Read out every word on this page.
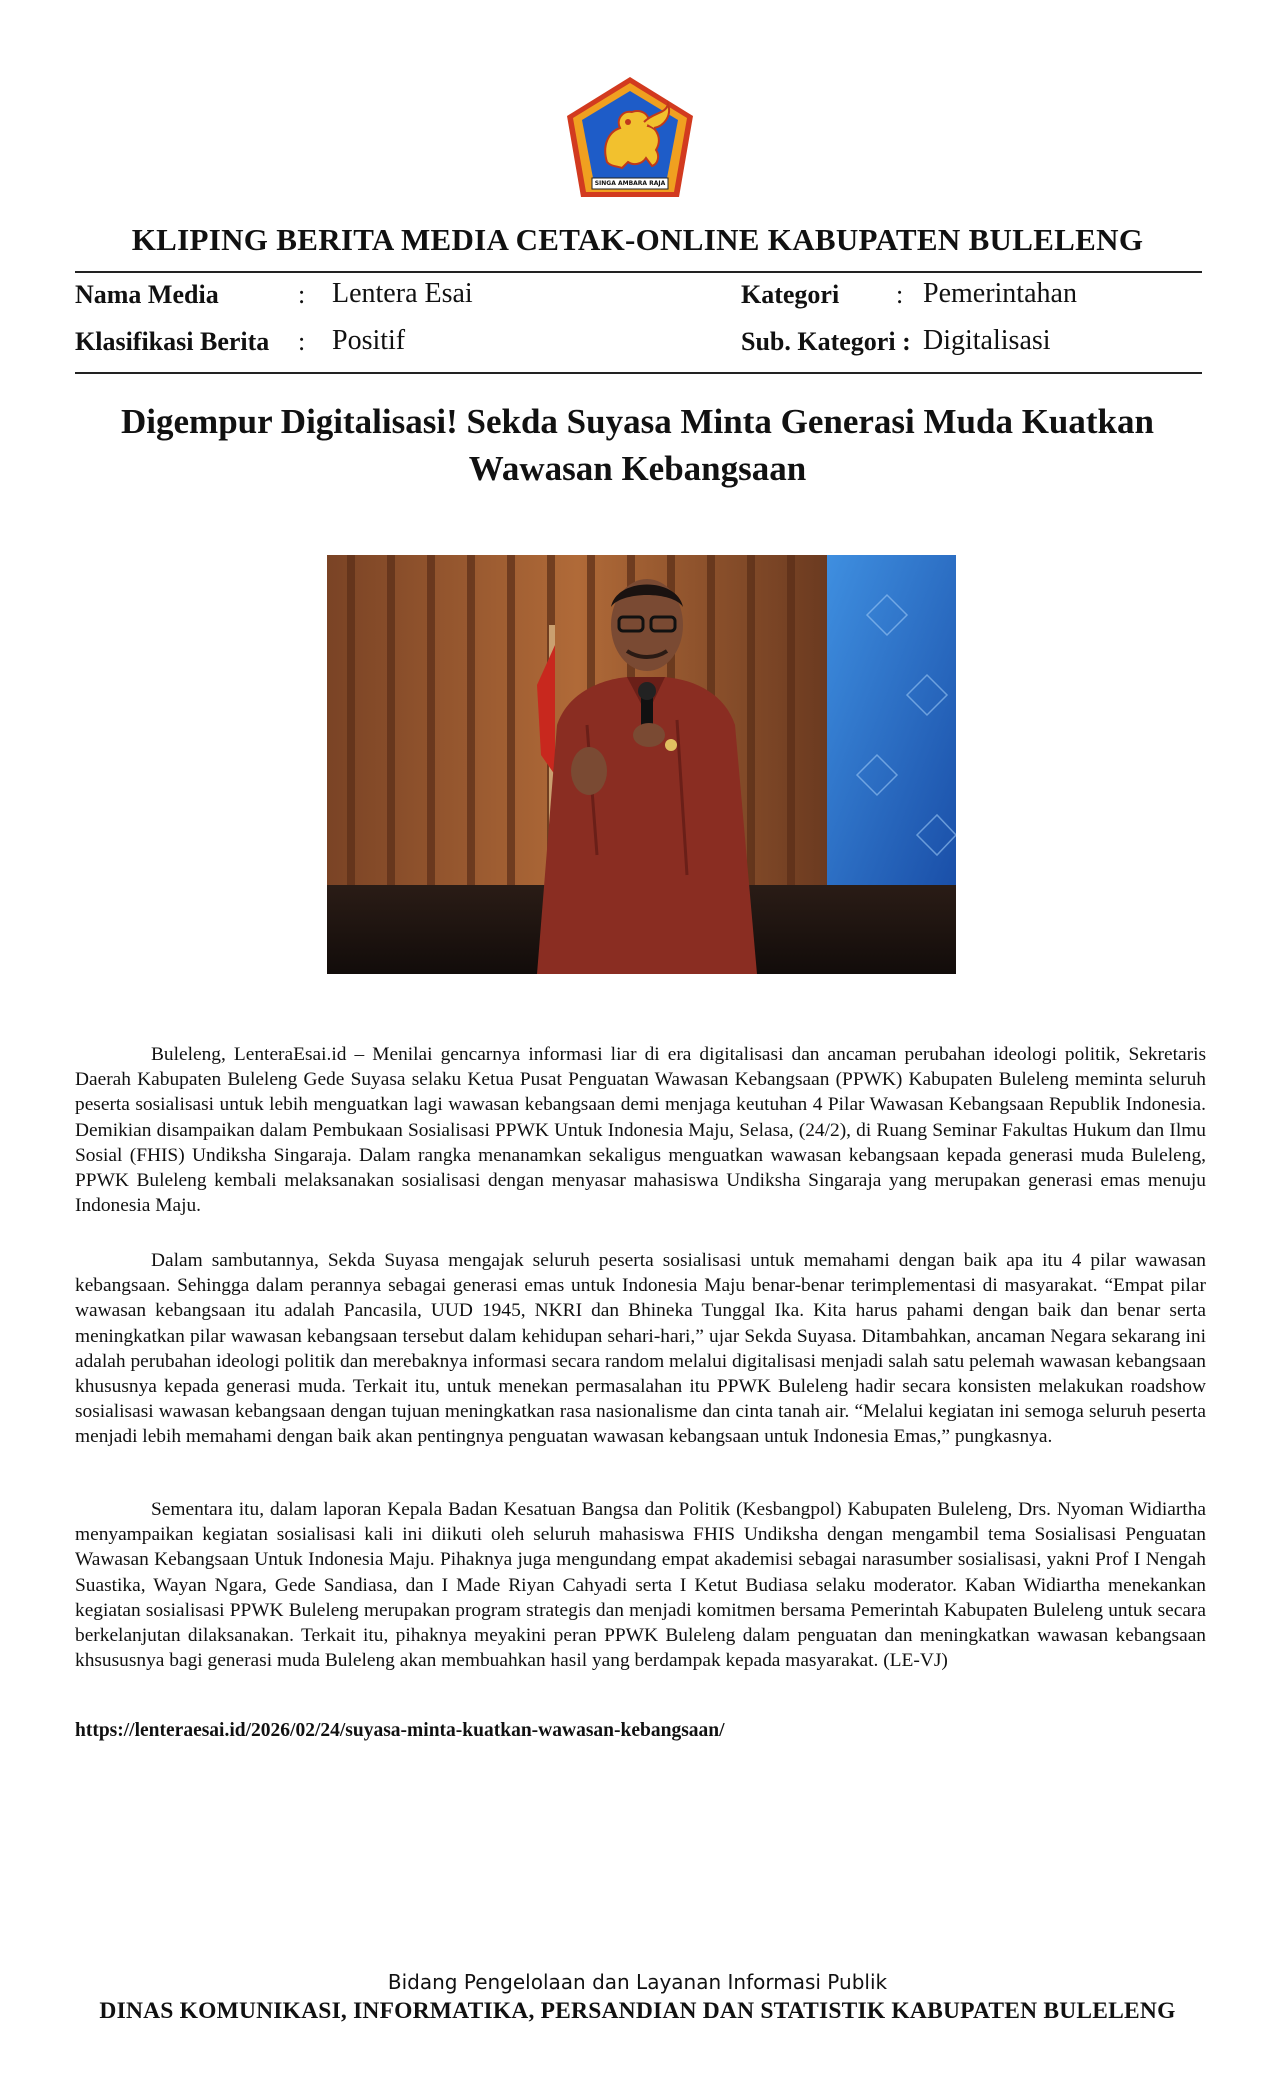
SINGA AMBARA RAJA
KLIPING BERITA MEDIA CETAK-ONLINE KABUPATEN BULELENG
Nama Media	: Lentera Esai	Kategori : Pemerintahan
Klasifikasi Berita : Positif	Sub. Kategori : Digitalisasi
Digempur Digitalisasi! Sekda Suyasa Minta Generasi Muda Kuatkan
Wawasan Kebangsaan

Buleleng, LenteraEsai.id – Menilai gencarnya informasi liar di era digitalisasi dan ancaman perubahan ideologi politik, Sekretaris Daerah Kabupaten Buleleng Gede Suyasa selaku Ketua Pusat Penguatan Wawasan Kebangsaan (PPWK) Kabupaten Buleleng meminta seluruh peserta sosialisasi untuk lebih menguatkan lagi wawasan kebangsaan demi menjaga keutuhan 4 Pilar Wawasan Kebangsaan Republik Indonesia. Demikian disampaikan dalam Pembukaan Sosialisasi PPWK Untuk Indonesia Maju, Selasa, (24/2), di Ruang Seminar Fakultas Hukum dan Ilmu Sosial (FHIS) Undiksha Singaraja. Dalam rangka menanamkan sekaligus menguatkan wawasan kebangsaan kepada generasi muda Buleleng, PPWK Buleleng kembali melaksanakan sosialisasi dengan menyasar mahasiswa Undiksha Singaraja yang merupakan generasi emas menuju Indonesia Maju.

Dalam sambutannya, Sekda Suyasa mengajak seluruh peserta sosialisasi untuk memahami dengan baik apa itu 4 pilar wawasan kebangsaan. Sehingga dalam perannya sebagai generasi emas untuk Indonesia Maju benar-benar terimplementasi di masyarakat. “Empat pilar wawasan kebangsaan itu adalah Pancasila, UUD 1945, NKRI dan Bhineka Tunggal Ika. Kita harus pahami dengan baik dan benar serta meningkatkan pilar wawasan kebangsaan tersebut dalam kehidupan sehari-hari,” ujar Sekda Suyasa. Ditambahkan, ancaman Negara sekarang ini adalah perubahan ideologi politik dan merebaknya informasi secara random melalui digitalisasi menjadi salah satu pelemah wawasan kebangsaan khususnya kepada generasi muda. Terkait itu, untuk menekan permasalahan itu PPWK Buleleng hadir secara konsisten melakukan roadshow sosialisasi wawasan kebangsaan dengan tujuan meningkatkan rasa nasionalisme dan cinta tanah air. “Melalui kegiatan ini semoga seluruh peserta menjadi lebih memahami dengan baik akan pentingnya penguatan wawasan kebangsaan untuk Indonesia Emas,” pungkasnya.

Sementara itu, dalam laporan Kepala Badan Kesatuan Bangsa dan Politik (Kesbangpol) Kabupaten Buleleng, Drs. Nyoman Widiartha menyampaikan kegiatan sosialisasi kali ini diikuti oleh seluruh mahasiswa FHIS Undiksha dengan mengambil tema Sosialisasi Penguatan Wawasan Kebangsaan Untuk Indonesia Maju. Pihaknya juga mengundang empat akademisi sebagai narasumber sosialisasi, yakni Prof I Nengah Suastika, Wayan Ngara, Gede Sandiasa, dan I Made Riyan Cahyadi serta I Ketut Budiasa selaku moderator. Kaban Widiartha menekankan kegiatan sosialisasi PPWK Buleleng merupakan program strategis dan menjadi komitmen bersama Pemerintah Kabupaten Buleleng untuk secara berkelanjutan dilaksanakan. Terkait itu, pihaknya meyakini peran PPWK Buleleng dalam penguatan dan meningkatkan wawasan kebangsaan khsususnya bagi generasi muda Buleleng akan membuahkan hasil yang berdampak kepada masyarakat. (LE-VJ)

https://lenteraesai.id/2026/02/24/suyasa-minta-kuatkan-wawasan-kebangsaan/
Bidang Pengelolaan dan Layanan Informasi Publik
DINAS KOMUNIKASI, INFORMATIKA, PERSANDIAN DAN STATISTIK KABUPATEN BULELENG
